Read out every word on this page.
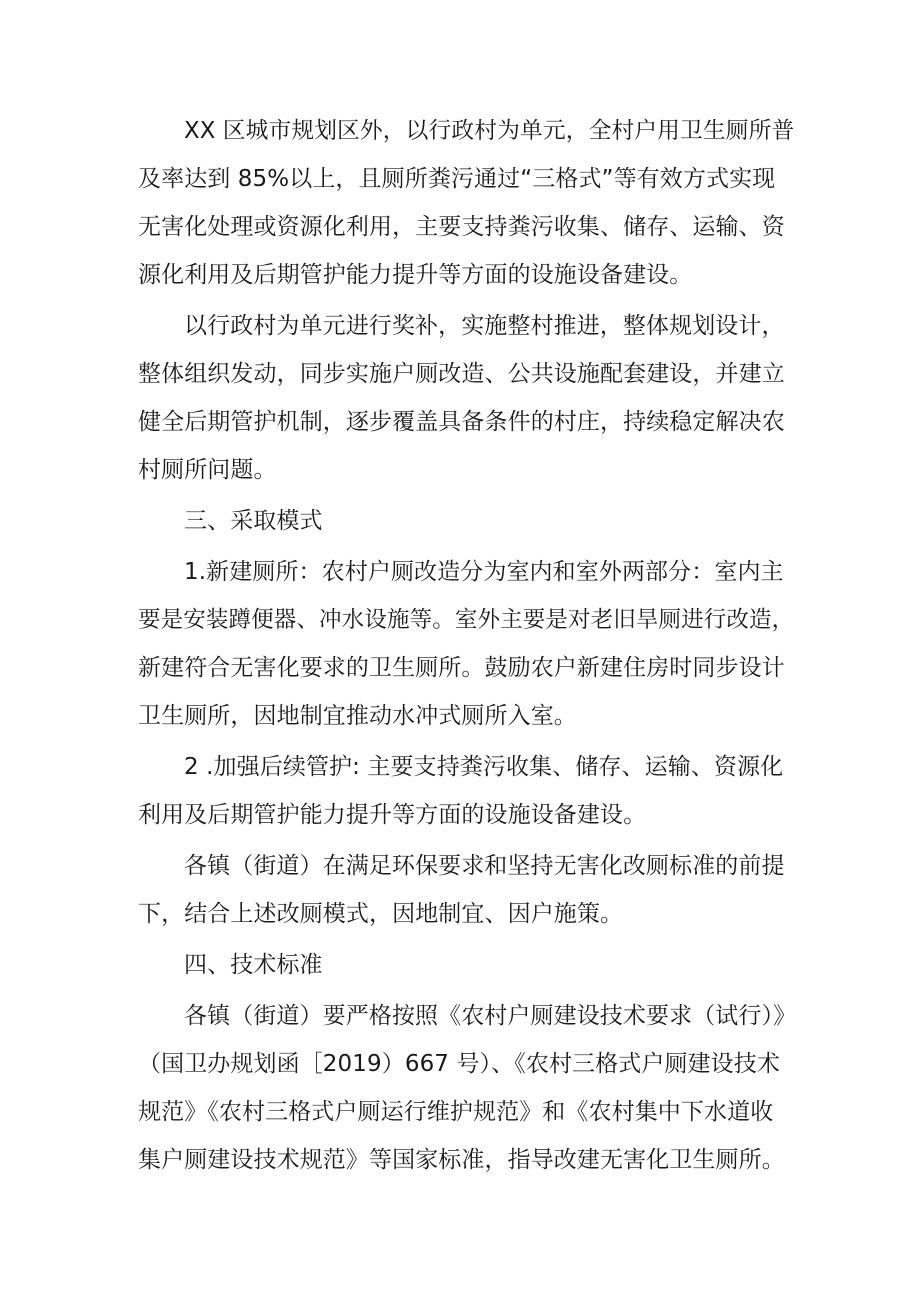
XX 区城市规划区外，以行政村为单元，全村户用卫生厕所普
及率达到 85%以上，且厕所粪污通过“三格式”等有效方式实现
无害化处理或资源化利用，主要支持粪污收集、储存、运输、资
源化利用及后期管护能力提升等方面的设施设备建设。
以行政村为单元进行奖补，实施整村推进，整体规划设计，
整体组织发动，同步实施户厕改造、公共设施配套建设，并建立
健全后期管护机制，逐步覆盖具备条件的村庄，持续稳定解决农
村厕所问题。
三、采取模式
1.新建厕所：农村户厕改造分为室内和室外两部分：室内主
要是安装蹲便器、冲水设施等。室外主要是对老旧旱厕进行改造，
新建符合无害化要求的卫生厕所。鼓励农户新建住房时同步设计
卫生厕所，因地制宜推动水冲式厕所入室。
2 .加强后续管护: 主要支持粪污收集、储存、运输、资源化
利用及后期管护能力提升等方面的设施设备建设。
各镇（街道）在满足环保要求和坚持无害化改厕标准的前提
下，结合上述改厕模式，因地制宜、因户施策。
四、技术标准
各镇（街道）要严格按照《农村户厕建设技术要求（试行）》
（国卫办规划函［2019）667 号）、《农村三格式户厕建设技术
规范》《农村三格式户厕运行维护规范》和《农村集中下水道收
集户厕建设技术规范》等国家标准，指导改建无害化卫生厕所。
